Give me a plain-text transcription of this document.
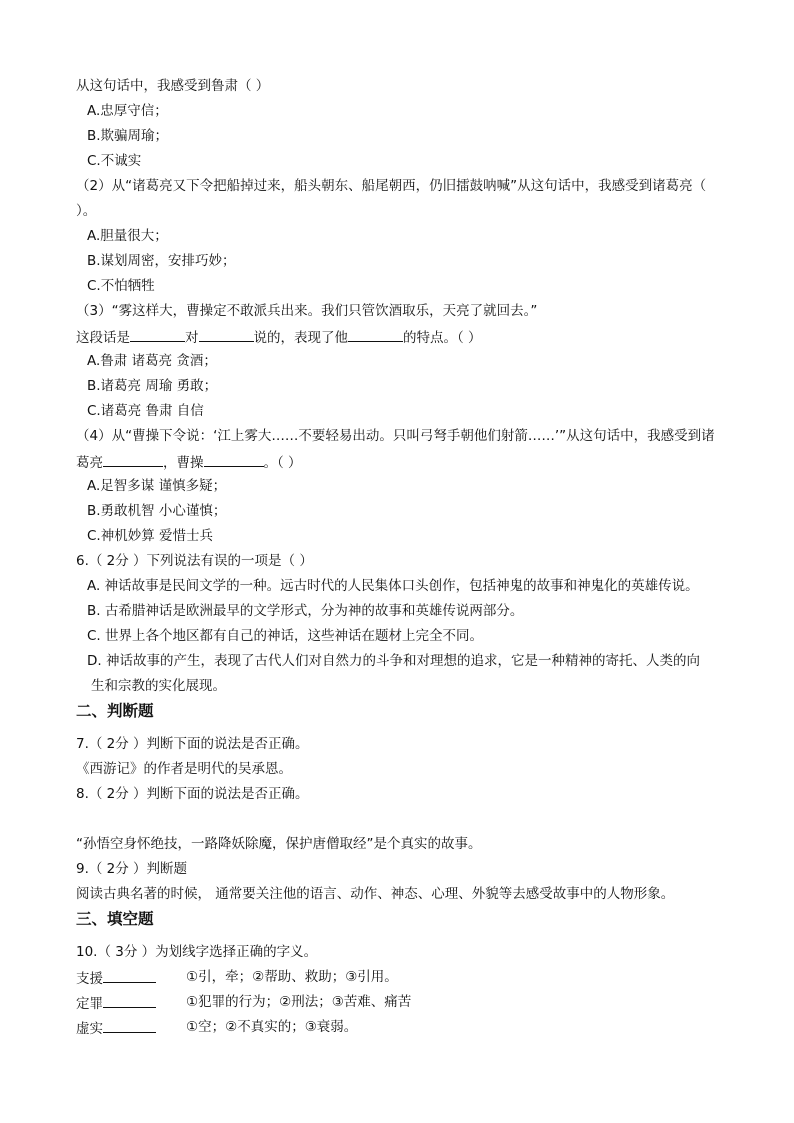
从这句话中，我感受到鲁肃（ ）
A.忠厚守信；
B.欺骗周瑜；
C.不诚实
（2）从“诸葛亮又下令把船掉过来，船头朝东、船尾朝西，仍旧擂鼓呐喊”从这句话中，我感受到诸葛亮（
）。
A.胆量很大；
B.谋划周密，安排巧妙；
C.不怕牺牲
（3）“雾这样大，曹操定不敢派兵出来。我们只管饮酒取乐，天亮了就回去。”
这段话是	对	说的，表现了他	的特点。（ ）
A.鲁肃 诸葛亮 贪酒；
B.诸葛亮 周瑜 勇敢；
C.诸葛亮 鲁肃 自信
（4）从“曹操下令说：‘江上雾大……不要轻易出动。只叫弓弩手朝他们射箭……’”从这句话中，我感受到诸
葛亮	，曹操	。（ ）
A.足智多谋 谨慎多疑；
B.勇敢机智 小心谨慎；
C.神机妙算 爱惜士兵
6.（ 2分 ）下列说法有误的一项是（ ）
A. 神话故事是民间文学的一种。远古时代的人民集体口头创作，包括神鬼的故事和神鬼化的英雄传说。
B. 古希腊神话是欧洲最早的文学形式，分为神的故事和英雄传说两部分。
C. 世界上各个地区都有自己的神话，这些神话在题材上完全不同。
D. 神话故事的产生，表现了古代人们对自然力的斗争和对理想的追求，它是一种精神的寄托、人类的向
生和宗教的实化展现。
二、判断题
7.（ 2分 ）判断下面的说法是否正确。
《西游记》的作者是明代的吴承恩。
8.（ 2分 ）判断下面的说法是否正确。
“孙悟空身怀绝技，一路降妖除魔，保护唐僧取经”是个真实的故事。
9.（ 2分 ）判断题
阅读古典名著的时候， 通常要关注他的语言、动作、神态、心理、外貌等去感受故事中的人物形象。
三、填空题
10.（ 3分 ）为划线字选择正确的字义。
支援	①引，牵；②帮助、救助；③引用。
定罪	①犯罪的行为；②刑法；③苦难、痛苦
虚实	①空；②不真实的；③衰弱。
